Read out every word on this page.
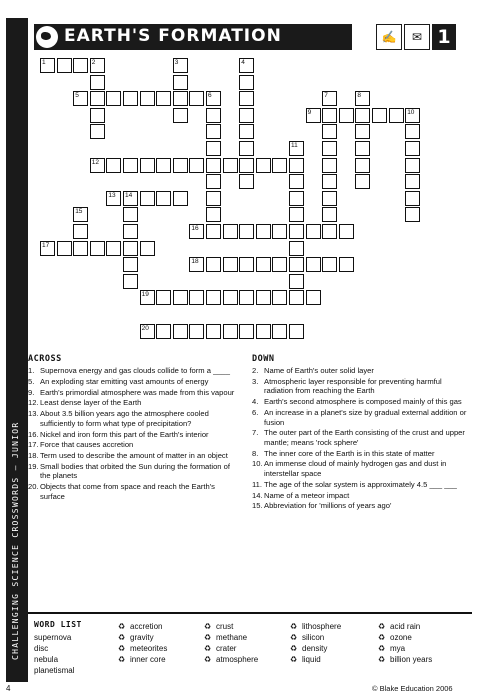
CHALLENGING SCIENCE CROSSWORDS — JUNIOR
EARTH'S FORMATION	✍	✉ 1
1	2	3	4
5	6	7	8
9	10
11
12
13 14
15
16
17
18
19
20
ACROSS	DOWN
1. Supernova energy and gas clouds collide to form a ____
5. An exploding star emitting vast amounts of energy
9. Earth's primordial atmosphere was made from this vapour
12. Least dense layer of the Earth
13. About 3.5 billion years ago the atmosphere cooled sufficiently to form what type of precipitation?
16. Nickel and iron form this part of the Earth's interior
17. Force that causes accretion
18. Term used to describe the amount of matter in an object
19. Small bodies that orbited the Sun during the formation of the planets
20. Objects that come from space and reach the Earth's surface
2. Name of Earth's outer solid layer
3. Atmospheric layer responsible for preventing harmful radiation from reaching the Earth
4. Earth's second atmosphere is composed mainly of this gas
6. An increase in a planet's size by gradual external addition or fusion
7. The outer part of the Earth consisting of the crust and upper mantle; means 'rock sphere'
8. The inner core of the Earth is in this state of matter
10. An immense cloud of mainly hydrogen gas and dust in interstellar space
11. The age of the solar system is approximately 4.5 ___ ___
14. Name of a meteor impact
15. Abbreviation for 'millions of years ago'
WORD LIST
supernova
disc
nebula
planetismal
♻ accretion
♻ gravity
♻ meteorites
♻ inner core
♻ crust
♻ methane
♻ crater
♻ atmosphere
♻ lithosphere
♻ silicon
♻ density
♻ liquid
♻ acid rain
♻ ozone
♻ mya
♻ billion years
4	© Blake Education 2006
